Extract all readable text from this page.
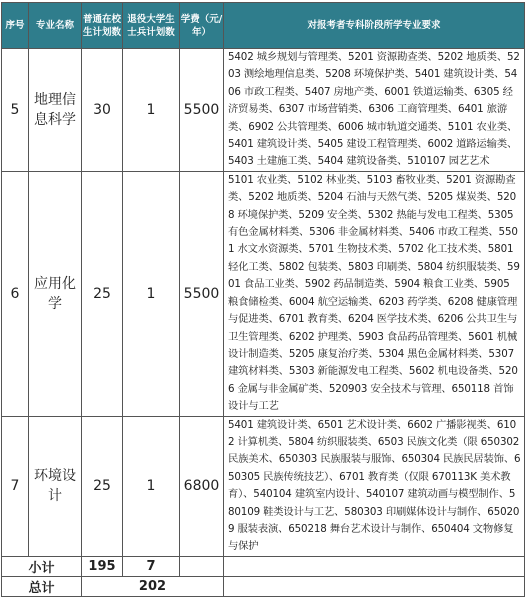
序号	专业名称	普通在校生计划数	退役大学生士兵计划数	学费（元/年）	对报考者专科阶段所学专业要求
5	地理信息科学	30	1	5500	5402 城乡规划与管理类、5201 资源勘查类、5202 地质类、5203 测绘地理信息类、5208 环境保护类、5401 建筑设计类、5406 市政工程类、5407 房地产类、6001 铁道运输类、6305 经济贸易类、6307 市场营销类、6306 工商管理类、6401 旅游类、6902 公共管理类、6006 城市轨道交通类、5101 农业类、5401 建筑设计类、5405 建设工程管理类、6002 道路运输类、5403 土建施工类、5404 建筑设备类、510107 园艺艺术
6	应用化学	25	1	5500	5101 农业类、5102 林业类、5103 畜牧业类、5201 资源勘查类、5202 地质类、5204 石油与天然气类、5205 煤炭类、5208 环境保护类、5209 安全类、5302 热能与发电工程类、5305 有色金属材料类、5306 非金属材料类、5406 市政工程类、5501 水文水资源类、5701 生物技术类、5702 化工技术类、5801 轻化工类、5802 包装类、5803 印刷类、5804 纺织服装类、5901 食品工业类、5902 药品制造类、5904 粮食工业类、5905 粮食储检类、6004 航空运输类、6203 药学类、6208 健康管理与促进类、6701 教育类、6204 医学技术类、6206 公共卫生与卫生管理类、6202 护理类、5903 食品药品管理类、5601 机械设计制造类、5205 康复治疗类、5304 黑色金属材料类、5307 建筑材料类、5303 新能源发电工程类、5602 机电设备类、5206 金属与非金属矿类、520903 安全技术与管理、650118 首饰设计与工艺
7	环境设计	25	1	6800	5401 建筑设计类、6501 艺术设计类、6602 广播影视类、6102 计算机类、5804 纺织服装类、6503 民族文化类（限 650302 民族美术、650303 民族服装与服饰、650304 民族民居装饰、650305 民族传统技艺）、6701 教育类（仅限 670113K 美术教育）、540104 建筑室内设计、540107 建筑动画与模型制作、580109 鞋类设计与工艺、580303 印刷媒体设计与制作、650209 服装表演、650218 舞台艺术设计与制作、650404 文物修复与保护
小计		195	7		
总计		202			
